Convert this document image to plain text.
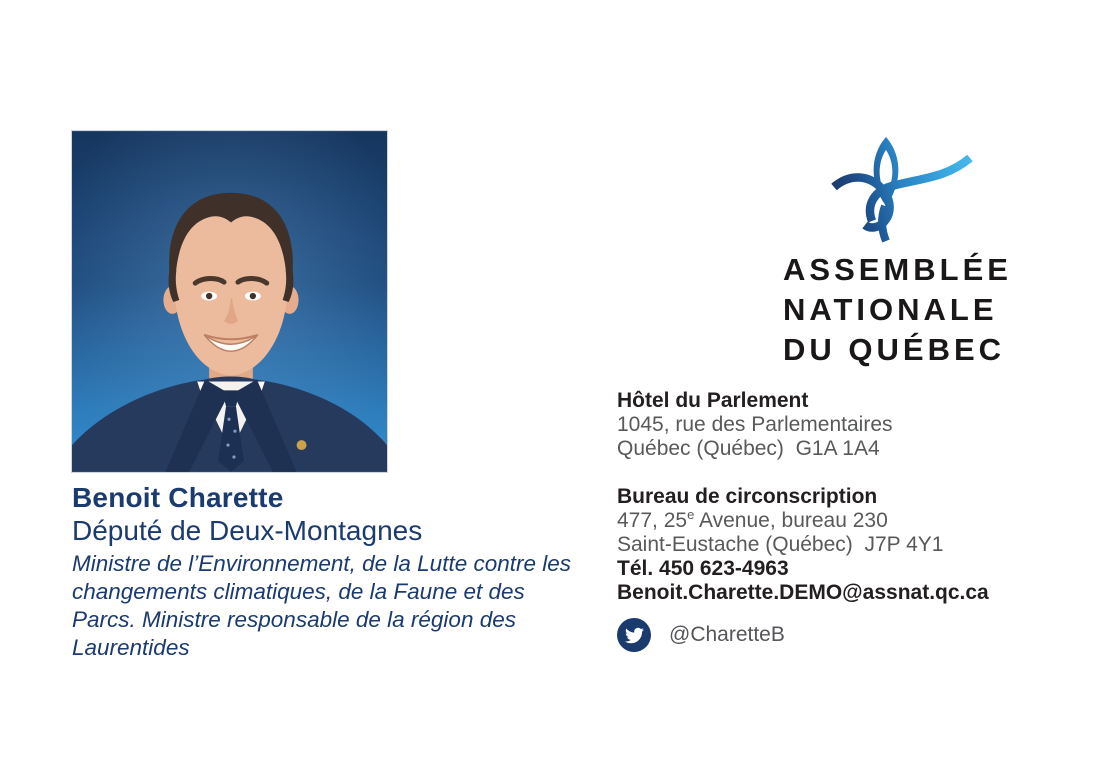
Benoit Charette
Député de Deux-Montagnes
Ministre de l’Environnement, de la Lutte contre les changements climatiques, de la Faune et des Parcs. Ministre responsable de la région des Laurentides
ASSEMBLÉE
NATIONALE
DU QUÉBEC
Hôtel du Parlement
1045, rue des Parlementaires
Québec (Québec)  G1A 1A4
Bureau de circonscription
477, 25e Avenue, bureau 230
Saint-Eustache (Québec)  J7P 4Y1
Tél. 450 623-4963
Benoit.Charette.DEMO@assnat.qc.ca
@CharetteB
